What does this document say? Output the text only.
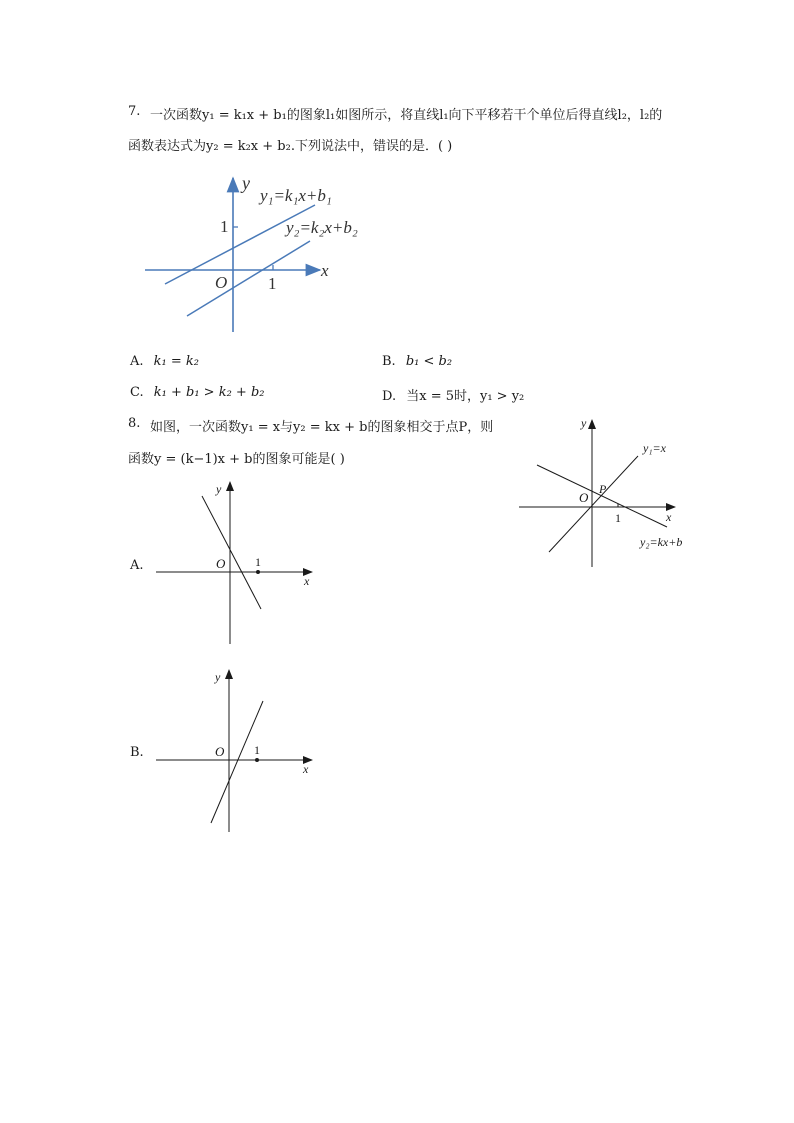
7. 一次函数y₁ = k₁x + b₁的图象l₁如图所示，将直线l₁向下平移若干个单位后得直线l₂，l₂的
函数表达式为y₂ = k₂x + b₂.下列说法中，错误的是．( )
y
x
O
1
1
y₁=k₁x+b₁
y₂=k₂x+b₂
A. k₁ = k₂	B. b₁ < b₂
C. k₁ + b₁ > k₂ + b₂	D. 当x = 5时，y₁ > y₂
8. 如图，一次函数y₁ = x与y₂ = kx + b的图象相交于点P，则
函数y = (k−1)x + b的图象可能是( )
y
x
O
P
1
y₁=x
y₂=kx+b
A.
y
x
O 1
B.
y
x
O 1
